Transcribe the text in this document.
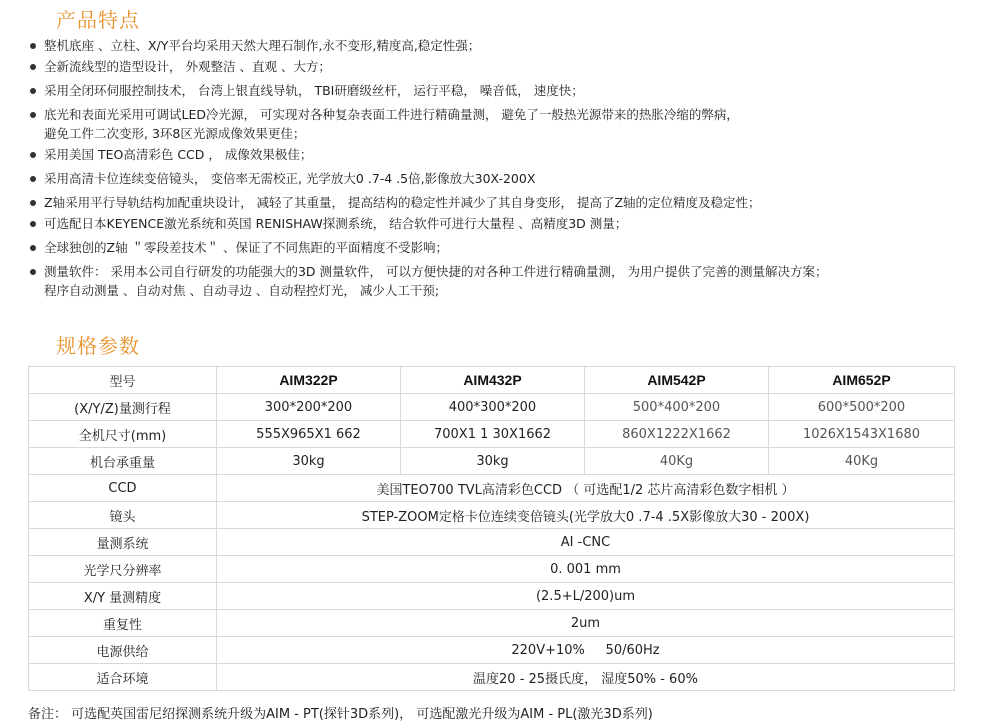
产品特点
整机底座 、立柱、X/Y平台均采用天然大理石制作,永不变形,精度高,稳定性强；
全新流线型的造型设计， 外观整洁 、直观 、大方；
采用全闭环伺服控制技术， 台湾上银直线导轨， TBI研磨级丝杆， 运行平稳， 噪音低， 速度快；
底光和表面光采用可调试LED冷光源， 可实现对各种复杂表面工件进行精确量测， 避免了一般热光源带来的热胀冷缩的弊病，
避免工件二次变形, 3环8区光源成像效果更佳；
采用美国 TEO高清彩色 CCD ， 成像效果极佳；
采用高清卡位连续变倍镜头， 变倍率无需校正, 光学放大0 .7-4 .5倍,影像放大30X-200X
Z轴采用平行导轨结构加配重块设计， 减轻了其重量， 提高结构的稳定性并减少了其自身变形， 提高了Z轴的定位精度及稳定性；
可选配日本KEYENCE激光系统和英国 RENISHAW探测系统， 结合软件可进行大量程 、高精度3D 测量；
全球独创的Z轴 ＂零段差技术＂ 、保证了不同焦距的平面精度不受影响；
测量软件： 采用本公司自行研发的功能强大的3D 测量软件， 可以方便快捷的对各种工件进行精确量测， 为用户提供了完善的测量解决方案；
程序自动测量 、自动对焦 、自动寻边 、自动程控灯光， 减少人工干预;
规格参数
型号	AIM322P	AIM432P	AIM542P	AIM652P
(X/Y/Z)量测行程	300*200*200	400*300*200	500*400*200	600*500*200
全机尺寸(mm)	555X965X1 662	700X1 1 30X1662	860X1222X1662	1026X1543X1680
机台承重量	30kg	30kg	40Kg	40Kg
CCD	美国TEO700 TVL高清彩色CCD （ 可选配1/2 芯片高清彩色数字相机 ）			
镜头	STEP-ZOOM定格卡位连续变倍镜头(光学放大0 .7-4 .5X影像放大30 - 200X)			
量测系统	AI -CNC			
光学尺分辨率	0. 001 mm			
X/Y 量测精度	(2.5+L/200)um			
重复性	2um			
电源供给	220V+10%     50/60Hz			
适合环境	温度20 - 25摄氏度， 湿度50% - 60%			
备注： 可选配英国雷尼绍探测系统升级为AIM - PT(探针3D系列)， 可选配激光升级为AIM - PL(激光3D系列)
